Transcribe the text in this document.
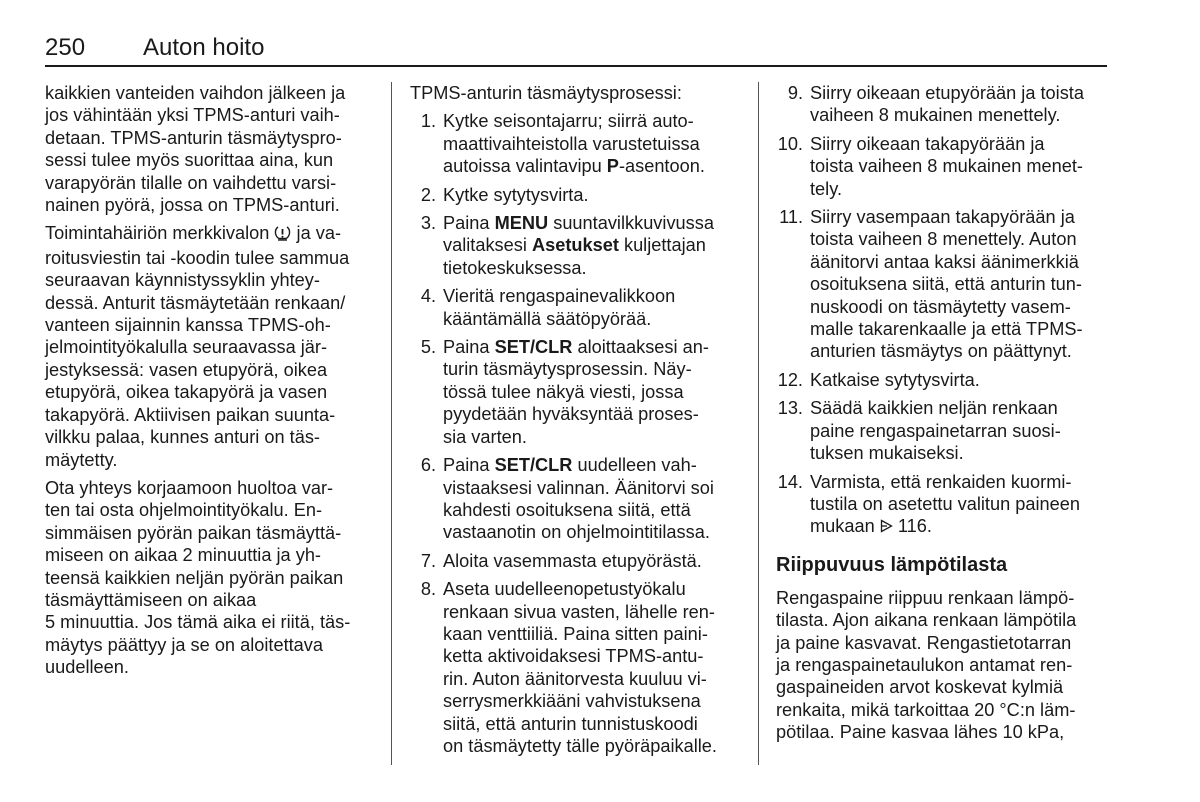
250 Auton hoito

kaikkien vanteiden vaihdon jälkeen ja

jos vähintään yksi TPMS-anturi vaih-

detaan. TPMS-anturin täsmäytyspro-

sessi tulee myös suorittaa aina, kun

varapyörän tilalle on vaihdettu varsi-

nainen pyörä, jossa on TPMS-anturi.

Toimintahäiriön merkkivalon ja va-

roitusviestin tai -koodin tulee sammua

seuraavan käynnistyssyklin yhtey-

dessä. Anturit täsmäytetään renkaan/

vanteen sijainnin kanssa TPMS-oh-

jelmointityökalulla seuraavassa jär-

jestyksessä: vasen etupyörä, oikea

etupyörä, oikea takapyörä ja vasen

takapyörä. Aktiivisen paikan suunta-

vilkku palaa, kunnes anturi on täs-

mäytetty.

Ota yhteys korjaamoon huoltoa var-

ten tai osta ohjelmointityökalu. En-

simmäisen pyörän paikan täsmäyttä-

miseen on aikaa 2 minuuttia ja yh-

teensä kaikkien neljän pyörän paikan

täsmäyttämiseen on aikaa

5 minuuttia. Jos tämä aika ei riitä, täs-

mäytys päättyy ja se on aloitettava

uudelleen.

TPMS-anturin täsmäytysprosessi:

1. Kytke seisontajarru; siirrä auto-

maattivaihteistolla varustetuissa

autoissa valintavipu P-asentoon.

2. Kytke sytytysvirta.

3. Paina MENU suuntavilkkuvivussa

valitaksesi Asetukset kuljettajan

tietokeskuksessa.

4. Vieritä rengaspainevalikkoon

kääntämällä säätöpyörää.

5. Paina SET/CLR aloittaaksesi an-

turin täsmäytysprosessin. Näy-

tössä tulee näkyä viesti, jossa

pyydetään hyväksyntää proses-

sia varten.

6. Paina SET/CLR uudelleen vah-

vistaaksesi valinnan. Äänitorvi soi

kahdesti osoituksena siitä, että

vastaanotin on ohjelmointitilassa.

7. Aloita vasemmasta etupyörästä.

8. Aseta uudelleenopetustyökalu

renkaan sivua vasten, lähelle ren-

kaan venttiiliä. Paina sitten paini-

ketta aktivoidaksesi TPMS-antu-

rin. Auton äänitorvesta kuuluu vi-

serrysmerkkiääni vahvistuksena

siitä, että anturin tunnistuskoodi

on täsmäytetty tälle pyöräpaikalle.

9. Siirry oikeaan etupyörään ja toista

vaiheen 8 mukainen menettely.

10. Siirry oikeaan takapyörään ja

toista vaiheen 8 mukainen menet-

tely.

11. Siirry vasempaan takapyörään ja

toista vaiheen 8 menettely. Auton

äänitorvi antaa kaksi äänimerkkiä

osoituksena siitä, että anturin tun-

nuskoodi on täsmäytetty vasem-

malle takarenkaalle ja että TPMS-

anturien täsmäytys on päättynyt.

12. Katkaise sytytysvirta.

13. Säädä kaikkien neljän renkaan

paine rengaspainetarran suosi-

tuksen mukaiseksi.

14. Varmista, että renkaiden kuormi-

tustila on asetettu valitun paineen

mukaan 116.

Riippuvuus lämpötilasta

Rengaspaine riippuu renkaan lämpö-

tilasta. Ajon aikana renkaan lämpötila

ja paine kasvavat. Rengastietotarran

ja rengaspainetaulukon antamat ren-

gaspaineiden arvot koskevat kylmiä

renkaita, mikä tarkoittaa 20 °C:n läm-

pötilaa. Paine kasvaa lähes 10 kPa,
